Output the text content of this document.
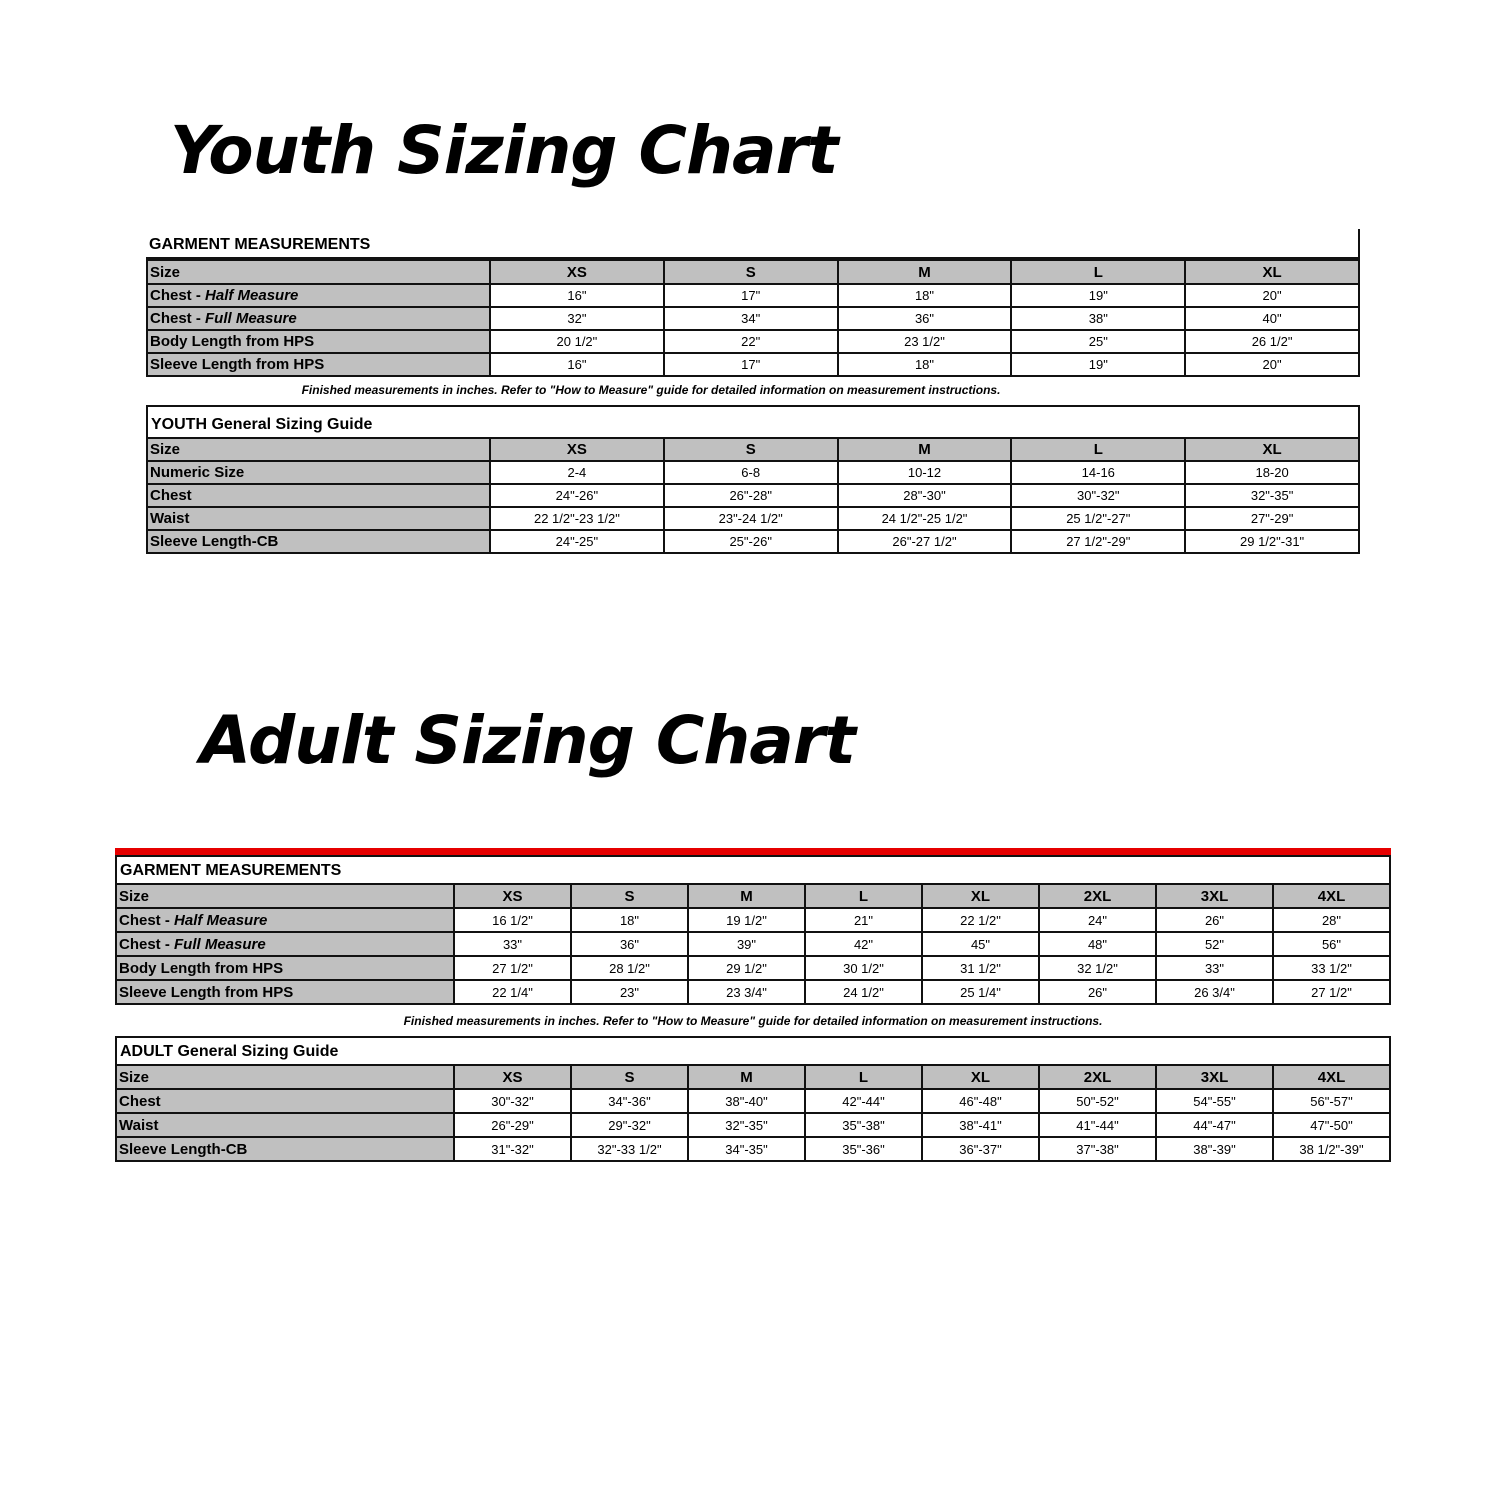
Youth Sizing Chart
GARMENT MEASUREMENTS
Size	XS	S	M	L	XL
Chest - Half Measure	16"	17"	18"	19"	20"
Chest - Full Measure	32"	34"	36"	38"	40"
Body Length from HPS	20 1/2"	22"	23 1/2"	25"	26 1/2"
Sleeve Length from HPS	16"	17"	18"	19"	20"
Finished measurements in inches. Refer to "How to Measure" guide for detailed information on measurement instructions.
YOUTH General Sizing Guide
Size	XS	S	M	L	XL
Numeric Size	2-4	6-8	10-12	14-16	18-20
Chest	24"-26"	26"-28"	28"-30"	30"-32"	32"-35"
Waist	22 1/2"-23 1/2"	23"-24 1/2"	24 1/2"-25 1/2"	25 1/2"-27"	27"-29"
Sleeve Length-CB	24"-25"	25"-26"	26"-27 1/2"	27 1/2"-29"	29 1/2"-31"
Adult Sizing Chart
GARMENT MEASUREMENTS
Size	XS	S	M	L	XL	2XL	3XL	4XL
Chest - Half Measure	16 1/2"	18"	19 1/2"	21"	22 1/2"	24"	26"	28"
Chest - Full Measure	33"	36"	39"	42"	45"	48"	52"	56"
Body Length from HPS	27 1/2"	28 1/2"	29 1/2"	30 1/2"	31 1/2"	32 1/2"	33"	33 1/2"
Sleeve Length from HPS	22 1/4"	23"	23 3/4"	24 1/2"	25 1/4"	26"	26 3/4"	27 1/2"
Finished measurements in inches. Refer to "How to Measure" guide for detailed information on measurement instructions.
ADULT General Sizing Guide
Size	XS	S	M	L	XL	2XL	3XL	4XL
Chest	30"-32"	34"-36"	38"-40"	42"-44"	46"-48"	50"-52"	54"-55"	56"-57"
Waist	26"-29"	29"-32"	32"-35"	35"-38"	38"-41"	41"-44"	44"-47"	47"-50"
Sleeve Length-CB	31"-32"	32"-33 1/2"	34"-35"	35"-36"	36"-37"	37"-38"	38"-39"	38 1/2"-39"
